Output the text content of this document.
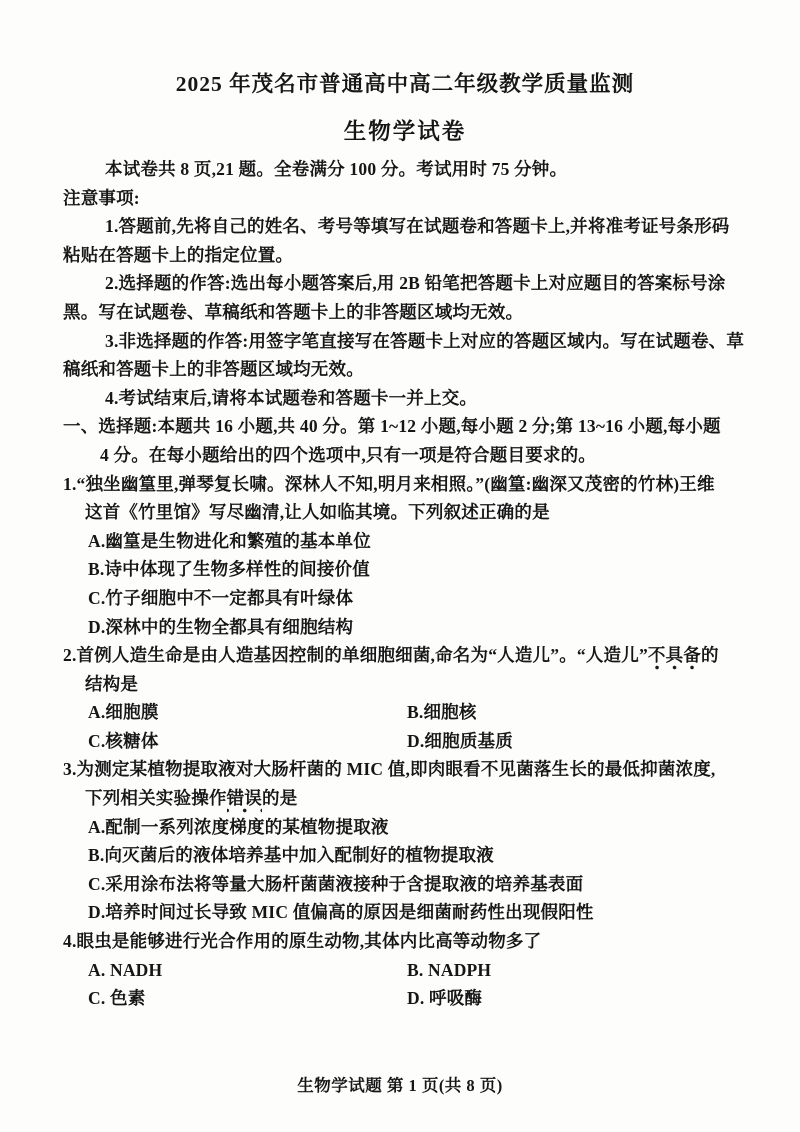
2025 年茂名市普通高中高二年级教学质量监测
生物学试卷
本试卷共 8 页,21 题。全卷满分 100 分。考试用时 75 分钟。
注意事项:
1.答题前,先将自己的姓名、考号等填写在试题卷和答题卡上,并将准考证号条形码
粘贴在答题卡上的指定位置。
2.选择题的作答:选出每小题答案后,用 2B 铅笔把答题卡上对应题目的答案标号涂
黑。写在试题卷、草稿纸和答题卡上的非答题区域均无效。
3.非选择题的作答:用签字笔直接写在答题卡上对应的答题区域内。写在试题卷、草
稿纸和答题卡上的非答题区域均无效。
4.考试结束后,请将本试题卷和答题卡一并上交。
一、选择题:本题共 16 小题,共 40 分。第 1~12 小题,每小题 2 分;第 13~16 小题,每小题
4 分。在每小题给出的四个选项中,只有一项是符合题目要求的。
1.“独坐幽篁里,弹琴复长啸。深林人不知,明月来相照。”(幽篁:幽深又茂密的竹林)王维
这首《竹里馆》写尽幽清,让人如临其境。下列叙述正确的是
A.幽篁是生物进化和繁殖的基本单位
B.诗中体现了生物多样性的间接价值
C.竹子细胞中不一定都具有叶绿体
D.深林中的生物全都具有细胞结构
2.首例人造生命是由人造基因控制的单细胞细菌,命名为“人造儿”。“人造儿”不具备的
结构是
A.细胞膜	B.细胞核
C.核糖体	D.细胞质基质
3.为测定某植物提取液对大肠杆菌的 MIC 值,即肉眼看不见菌落生长的最低抑菌浓度,
下列相关实验操作错误的是
A.配制一系列浓度梯度的某植物提取液
B.向灭菌后的液体培养基中加入配制好的植物提取液
C.采用涂布法将等量大肠杆菌菌液接种于含提取液的培养基表面
D.培养时间过长导致 MIC 值偏高的原因是细菌耐药性出现假阳性
4.眼虫是能够进行光合作用的原生动物,其体内比高等动物多了
A. NADH	B. NADPH
C. 色素	D. 呼吸酶
生物学试题 第 1 页(共 8 页)
